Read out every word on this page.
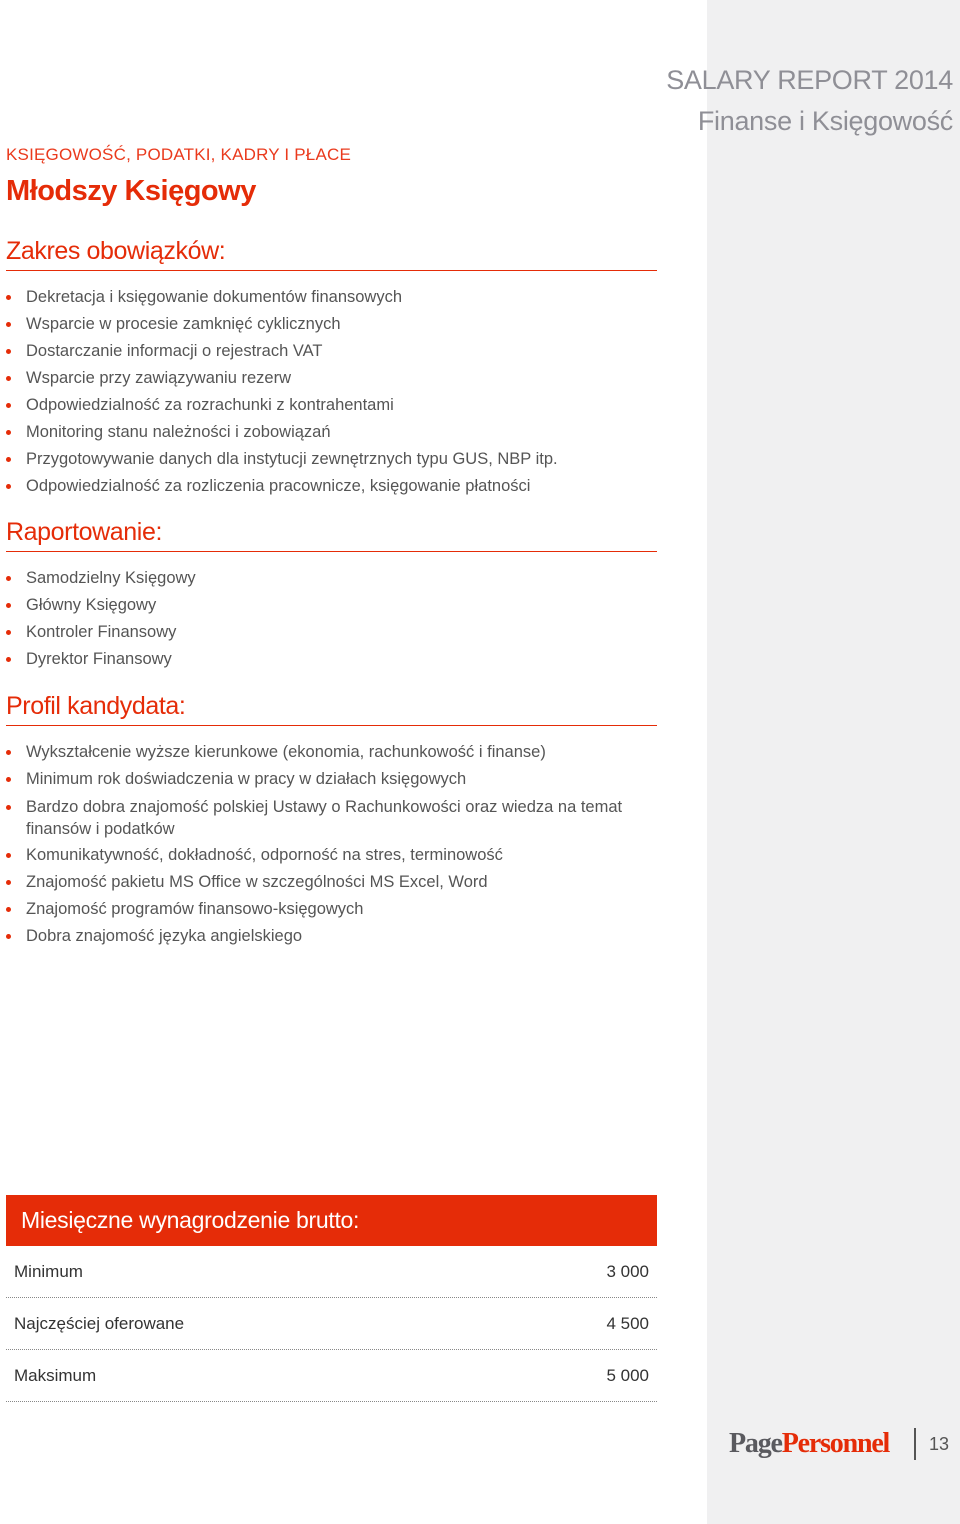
SALARY REPORT 2014
Finanse i Księgowość
KSIĘGOWOŚĆ, PODATKI, KADRY I PŁACE
Młodszy Księgowy
Zakres obowiązków:
Dekretacja i księgowanie dokumentów finansowych
Wsparcie w procesie zamknięć cyklicznych
Dostarczanie informacji o rejestrach VAT
Wsparcie przy zawiązywaniu rezerw
Odpowiedzialność za rozrachunki z kontrahentami
Monitoring stanu należności i zobowiązań
Przygotowywanie danych dla instytucji zewnętrznych typu GUS, NBP itp.
Odpowiedzialność za rozliczenia pracownicze, księgowanie płatności
Raportowanie:
Samodzielny Księgowy
Główny Księgowy
Kontroler Finansowy
Dyrektor Finansowy
Profil kandydata:
Wykształcenie wyższe kierunkowe (ekonomia, rachunkowość i finanse)
Minimum rok doświadczenia w pracy w działach księgowych
Bardzo dobra znajomość polskiej Ustawy o Rachunkowości oraz wiedza na temat finansów i podatków
Komunikatywność, dokładność, odporność na stres, terminowość
Znajomość pakietu MS Office w szczególności MS Excel, Word
Znajomość programów finansowo-księgowych
Dobra znajomość języka angielskiego
Miesięczne wynagrodzenie brutto:
Minimum	3 000
Najczęściej oferowane	4 500
Maksimum	5 000
PagePersonnel 13
